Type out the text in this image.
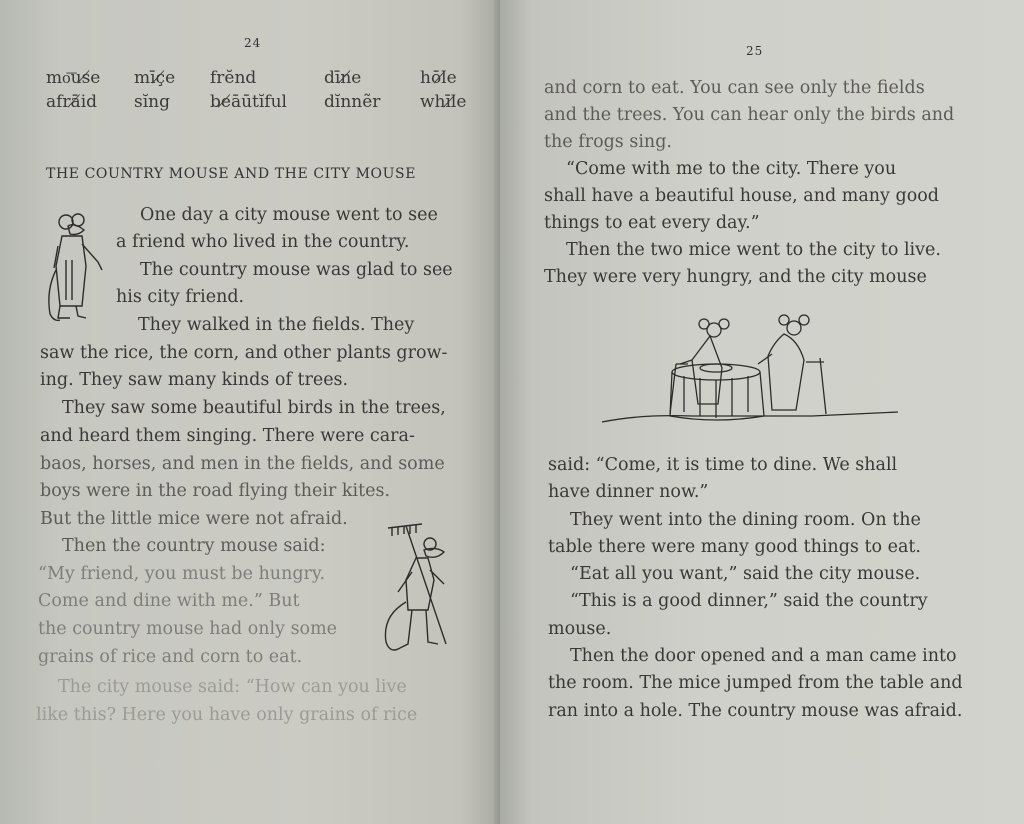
24
mo͞us̸e	mīç̸e	frĕnd	dīn̸e	hōl̸e
afrā̸id	sĭng	be̸āūtĭful	dĭnnẽr	whīl̸e
THE COUNTRY MOUSE AND THE CITY MOUSE
One day a city mouse went to see
a friend who lived in the country.
The country mouse was glad to see
his city friend.
They walked in the fields. They
saw the rice, the corn, and other plants grow-
ing. They saw many kinds of trees.
They saw some beautiful birds in the trees,
and heard them singing. There were cara-
baos, horses, and men in the fields, and some
boys were in the road flying their kites.
But the little mice were not afraid.
Then the country mouse said:
“My friend, you must be hungry.
Come and dine with me.” But
the country mouse had only some
grains of rice and corn to eat.
The city mouse said: “How can you live
like this? Here you have only grains of rice
25
and corn to eat. You can see only the fields
and the trees. You can hear only the birds and
the frogs sing.
“Come with me to the city. There you
shall have a beautiful house, and many good
things to eat every day.”
Then the two mice went to the city to live.
They were very hungry, and the city mouse
said: “Come, it is time to dine. We shall
have dinner now.”
They went into the dining room. On the
table there were many good things to eat.
“Eat all you want,” said the city mouse.
“This is a good dinner,” said the country
mouse.
Then the door opened and a man came into
the room. The mice jumped from the table and
ran into a hole. The country mouse was afraid.
